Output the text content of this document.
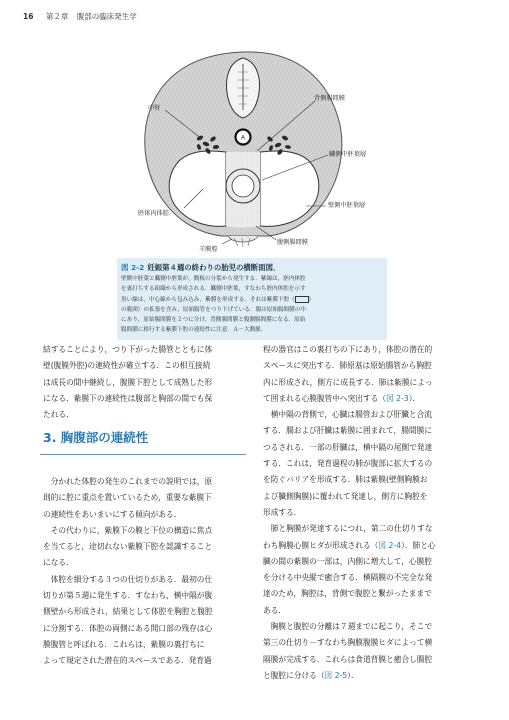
16 第２章 腹部の臨床発生学
A
中腎
背側腸間膜
臓側中胚葉層
壁側中胚葉層
胚体内体腔
腹側腸間膜
羊膜腔
図 2-2 妊娠第４週の終わりの胎児の横断面図．
壁側中胚葉と臓側中胚葉が，側板の分裂から発生する．紫線は，胚内体腔
を裏打ちする組織から形成される．臓側中胚葉，すなわち胚内体腔を示す
黒い線は，中心線から包み込み，紫膜を形成する．それは紫膜下腔（	）
の範囲）の拡張を含み，原始腸管をつり下げている．腸は原始腸間膜の中
にあり，原始腸間膜を２つに分け，背側腸間膜と腹側腸間膜になる．原始
腸間膜に移行する紫膜下腔の連続性に注意．Ａ－大動脈．

結することにより，つり下がった腸管とともに体

壁(腹膜外腔)の連続性が確立する．この相互接続

は成長の間中継続し，腹膜下腔として成熟した形

になる．紫膜下の連続性は腹部と胸部の間でも保

たれる．

3. 胸腹部の連続性

分かれた体腔の発生のこれまでの説明では，原

則的に腔に重点を置いているため，重要な紫膜下

の連続性をあいまいにする傾向がある．

その代わりに，紫膜下の膜と下位の構造に焦点

を当てると，途切れない紫膜下腔を認識すること

になる．

体腔を細分する３つの仕切りがある．最初の仕

切りが第５週に発生する．すなわち，横中隔が腹

側壁から形成され，結果として体腔を胸腔と腹腔

に分割する．体腔の両側にある開口部の残存は心

膜腹管と呼ばれる．これらは，紫膜の裏打ちに

よって規定された潜在的スペースである．発育過

程の器官はこの裏打ちの下にあり，体腔の潜在的

スペースに突出する．肺原基は原始腸管から胸腔

内に形成され，側方に成長する．肺は紫膜によっ

て囲まれる心膜腹管中へ突出する（図 2-3）．

横中隔の背側で，心臓は腸管および肝臓と合流

する．腸および肝臓は紫膜に囲まれて，腸間膜に

つるされる．一部の肝臓は，横中隔の尾側で発達

する．これは，発育過程の肺が腹部に拡大するの

を防ぐバリアを形成する．肺は紫膜(壁側胸膜お

よび臓側胸膜)に覆われて発達し，側方に胸腔を

形成する．

肺と胸膜が発達するにつれ，第二の仕切りすな

わち胸膜心膜ヒダが形成される（図 2-4）．肺と心

臓の間の紫膜の一部は，内側に増大して，心膜腔

を分ける中央縦で癒合する．横隔膜の不完全な発

達のため，胸腔は，背側で腹腔と繋がったままで

ある．

胸膜と腹腔の分離は７週までに起こり，そこで

第三の仕切り－すなわち胸膜腹膜ヒダによって横

隔膜が完成する．これらは食道背膜と癒合し腸腔

と腹腔に分ける（図 2-5）．
